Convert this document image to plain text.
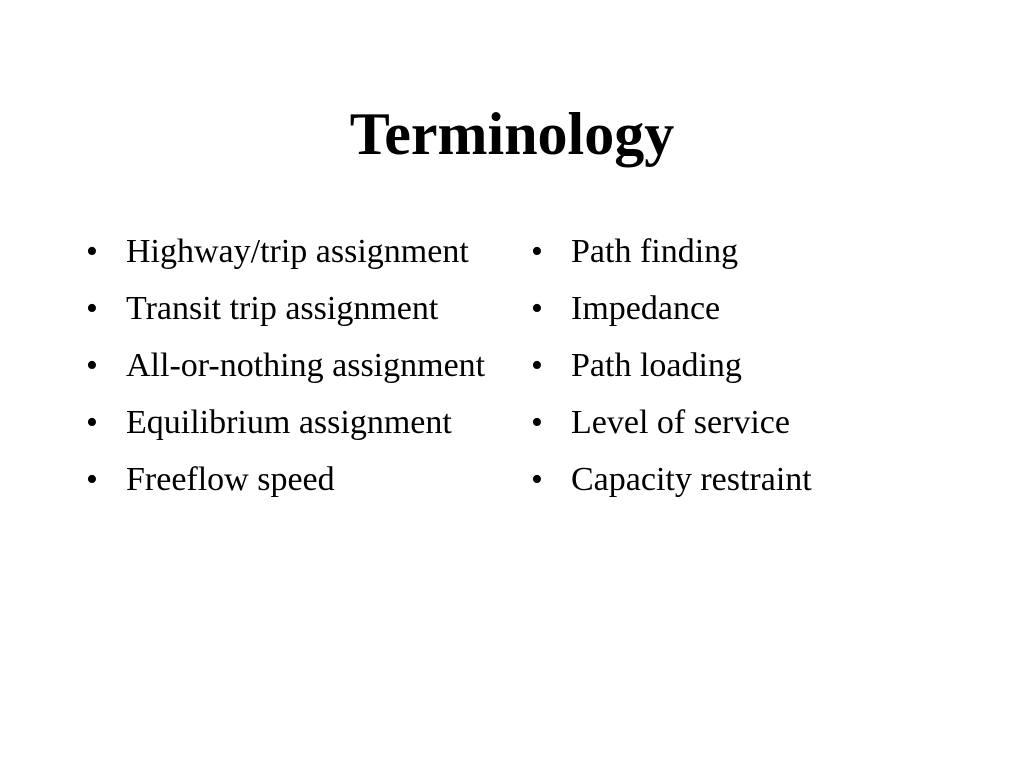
Terminology
• Highway/trip assignment
• Transit trip assignment
• All-or-nothing assignment
• Equilibrium assignment
• Freeflow speed
• Path finding
• Impedance
• Path loading
• Level of service
• Capacity restraint
